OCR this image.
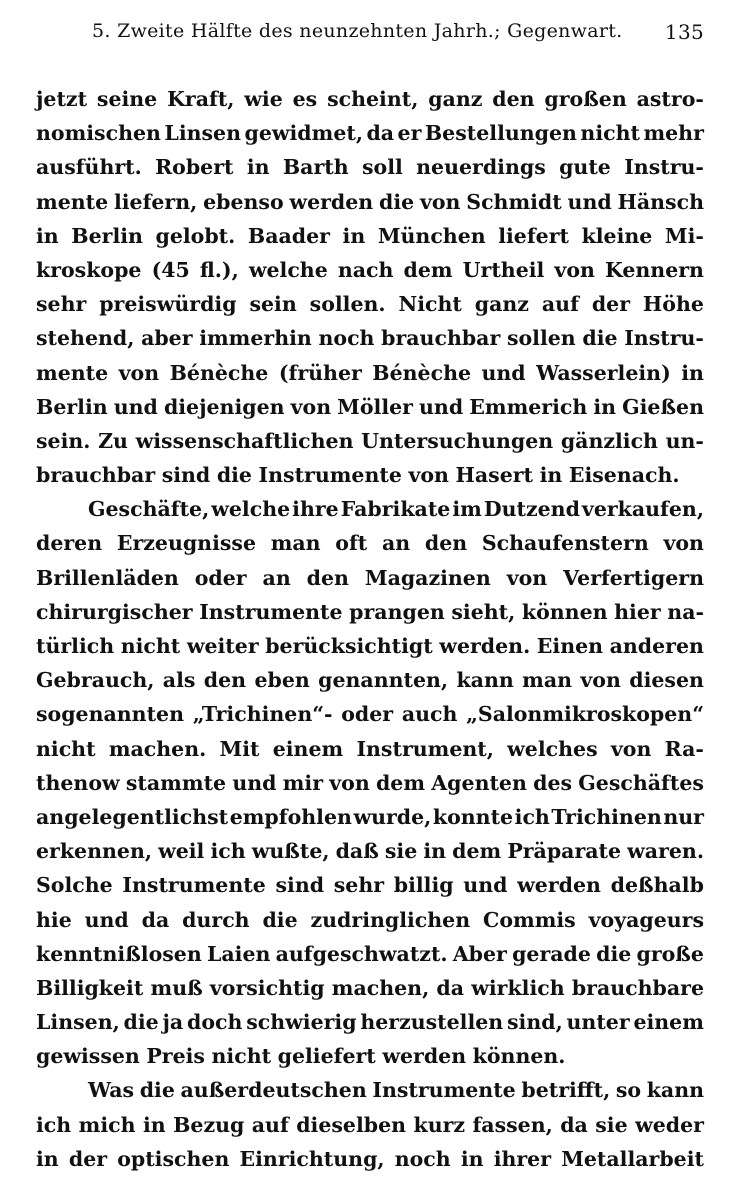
5. Zweite Hälfte des neunzehnten Jahrh.; Gegenwart. 135
jetzt seine Kraft, wie es scheint, ganz den großen astro-
nomischen Linsen gewidmet, da er Bestellungen nicht mehr
ausführt. Robert in Barth soll neuerdings gute Instru-
mente liefern, ebenso werden die von Schmidt und Hänsch
in Berlin gelobt. Baader in München liefert kleine Mi-
kroskope (45 fl.), welche nach dem Urtheil von Kennern
sehr preiswürdig sein sollen. Nicht ganz auf der Höhe
stehend, aber immerhin noch brauchbar sollen die Instru-
mente von Bénèche (früher Bénèche und Wasserlein) in
Berlin und diejenigen von Möller und Emmerich in Gießen
sein. Zu wissenschaftlichen Untersuchungen gänzlich un-
brauchbar sind die Instrumente von Hasert in Eisenach.
Geschäfte, welche ihre Fabrikate im Dutzend verkaufen,
deren Erzeugnisse man oft an den Schaufenstern von
Brillenläden oder an den Magazinen von Verfertigern
chirurgischer Instrumente prangen sieht, können hier na-
türlich nicht weiter berücksichtigt werden. Einen anderen
Gebrauch, als den eben genannten, kann man von diesen
sogenannten „Trichinen“- oder auch „Salonmikroskopen“
nicht machen. Mit einem Instrument, welches von Ra-
thenow stammte und mir von dem Agenten des Geschäftes
angelegentlichst empfohlen wurde, konnte ich Trichinen nur
erkennen, weil ich wußte, daß sie in dem Präparate waren.
Solche Instrumente sind sehr billig und werden deßhalb
hie und da durch die zudringlichen Commis voyageurs
kenntnißlosen Laien aufgeschwatzt. Aber gerade die große
Billigkeit muß vorsichtig machen, da wirklich brauchbare
Linsen, die ja doch schwierig herzustellen sind, unter einem
gewissen Preis nicht geliefert werden können.
Was die außerdeutschen Instrumente betrifft, so kann
ich mich in Bezug auf dieselben kurz fassen, da sie weder
in der optischen Einrichtung, noch in ihrer Metallarbeit
